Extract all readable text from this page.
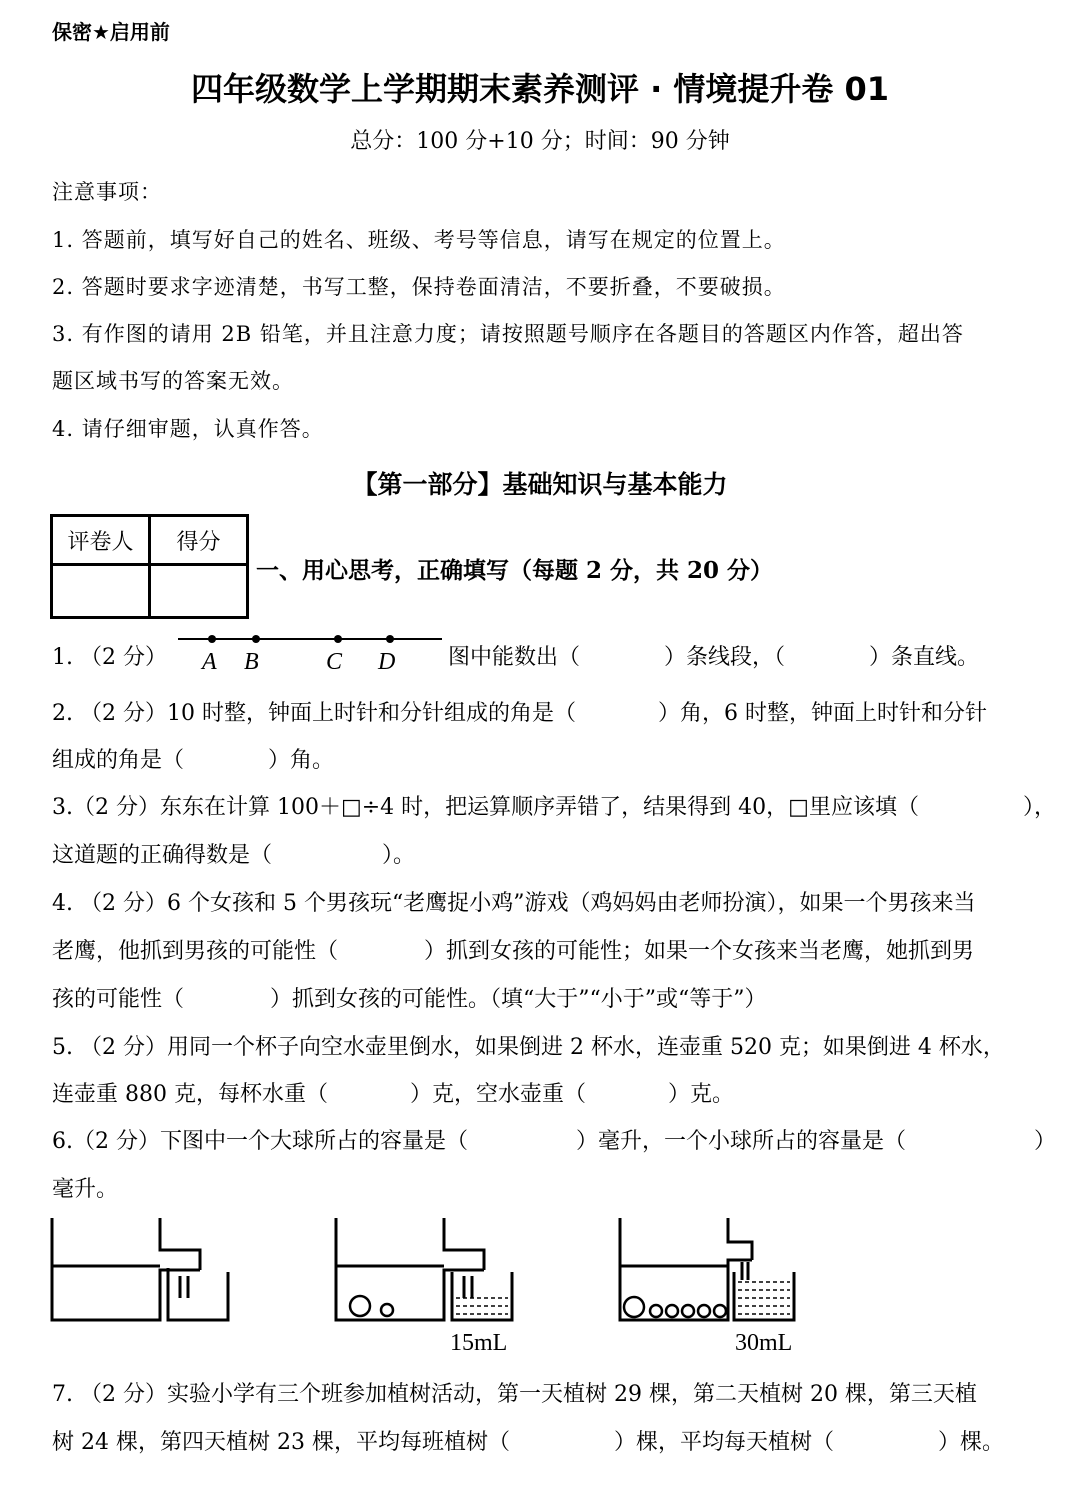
保密★启用前
四年级数学上学期期末素养测评 · 情境提升卷 01
总分：100 分+10 分；时间：90 分钟
注意事项：
1. 答题前，填写好自己的姓名、班级、考号等信息，请写在规定的位置上。
2. 答题时要求字迹清楚，书写工整，保持卷面清洁，不要折叠，不要破损。
3. 有作图的请用 2B 铅笔，并且注意力度；请按照题号顺序在各题目的答题区内作答，超出答
题区域书写的答案无效。
4. 请仔细审题，认真作答。
【第一部分】基础知识与基本能力
评卷人	得分

一、用心思考，正确填写（每题 2 分，共 20 分）
1. （2 分） A B	C D 图中能数出（	）条线段，（	）条直线。
2. （2 分）10 时整，钟面上时针和分针组成的角是（	）角，6 时整，钟面上时针和分针
组成的角是（	）角。
3.（2 分）东东在计算 100＋□÷4 时，把运算顺序弄错了，结果得到 40，□里应该填（	），
这道题的正确得数是（	）。
4. （2 分）6 个女孩和 5 个男孩玩“老鹰捉小鸡”游戏（鸡妈妈由老师扮演），如果一个男孩来当
老鹰，他抓到男孩的可能性（	）抓到女孩的可能性；如果一个女孩来当老鹰，她抓到男
孩的可能性（	）抓到女孩的可能性。（填“大于”“小于”或“等于”）
5. （2 分）用同一个杯子向空水壶里倒水，如果倒进 2 杯水，连壶重 520 克；如果倒进 4 杯水，
连壶重 880 克，每杯水重（	）克，空水壶重（	）克。
6.（2 分）下图中一个大球所占的容量是（	）毫升，一个小球所占的容量是（	）
毫升。
15mL	30mL
7. （2 分）实验小学有三个班参加植树活动，第一天植树 29 棵，第二天植树 20 棵，第三天植
树 24 棵，第四天植树 23 棵，平均每班植树（	）棵，平均每天植树（	）棵。
